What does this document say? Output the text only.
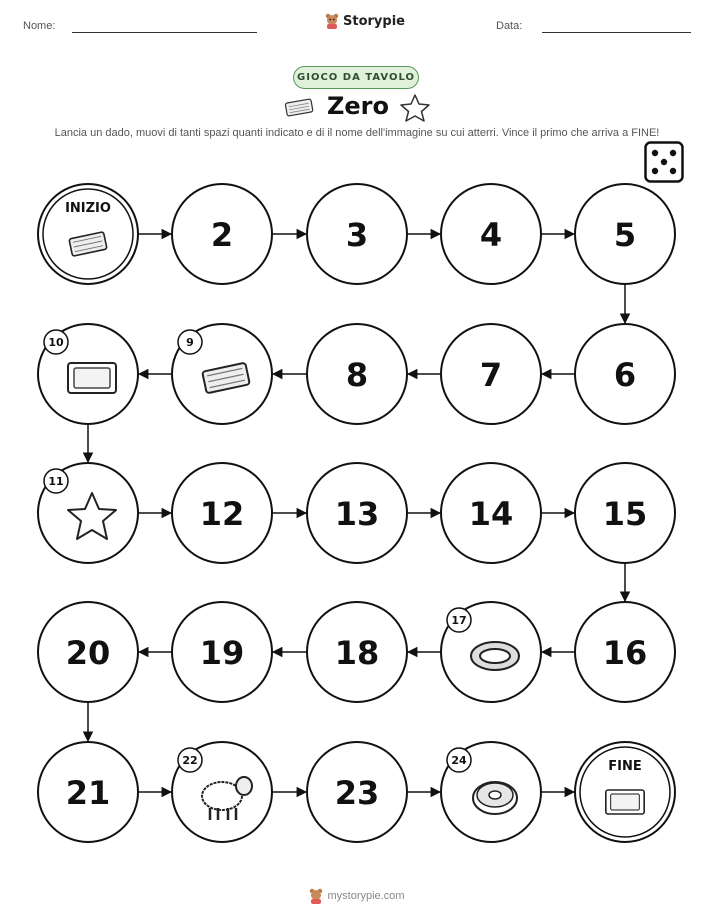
Nome:	Storypie	Data:
GIOCO DA TAVOLO
Zero
Lancia un dado, muovi di tanti spazi quanti indicato e di il nome dell'immagine su cui atterri. Vince il primo che arriva a FINE!
INIZIO
2	3	4	5
6
7
8
9
10
11
12	13	14	15
16
17
18
19
20
21
22
23
24	FINE
mystorypie.com
